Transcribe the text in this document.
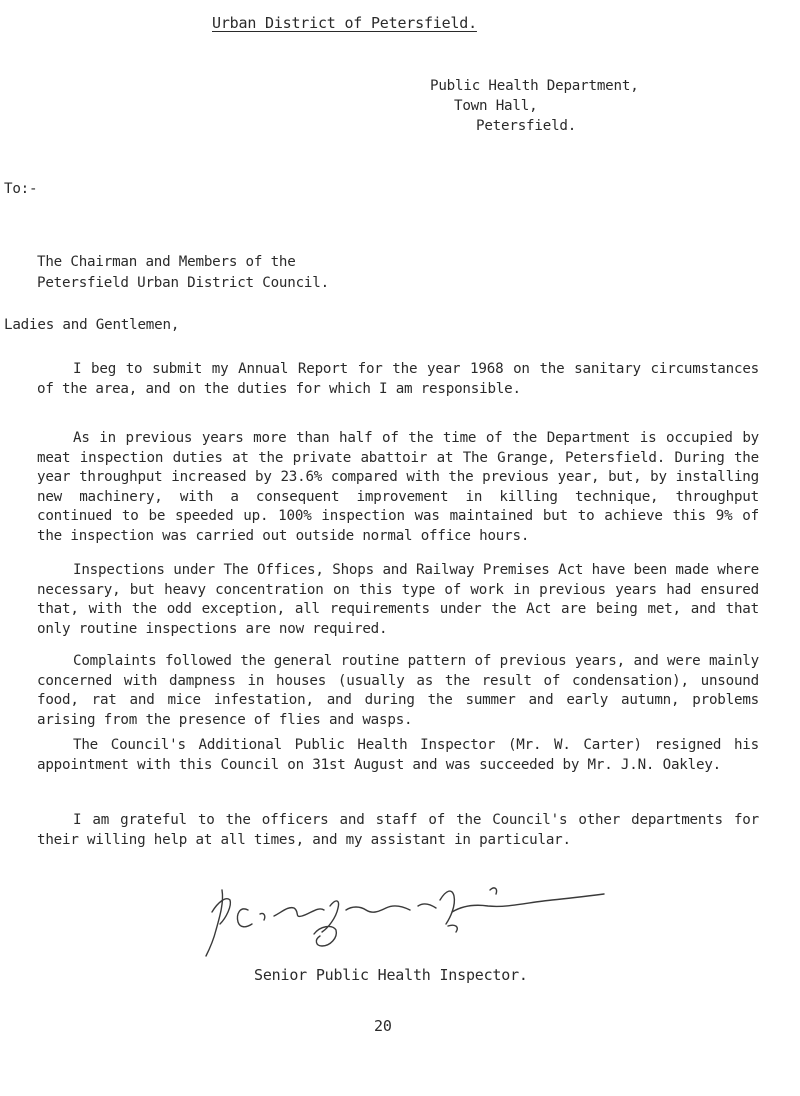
Urban District of Petersfield.
Public Health Department,
Town Hall,
Petersfield.
To:-
The Chairman and Members of the
Petersfield Urban District Council.
Ladies and Gentlemen,

I beg to submit my Annual Report for the year 1968 on the sanitary circumstances of the area, and on the duties for which I am responsible.

As in previous years more than half of the time of the Department is occupied by meat inspection duties at the private abattoir at The Grange, Petersfield. During the year throughput increased by 23.6% compared with the previous year, but, by installing new machinery, with a consequent improvement in killing technique, throughput continued to be speeded up. 100% inspection was maintained but to achieve this 9% of the inspection was carried out outside normal office hours.

Inspections under The Offices, Shops and Railway Premises Act have been made where necessary, but heavy concentration on this type of work in previous years had ensured that, with the odd exception, all requirements under the Act are being met, and that only routine inspections are now required.

Complaints followed the general routine pattern of previous years, and were mainly concerned with dampness in houses (usually as the result of condensation), unsound food, rat and mice infestation, and during the summer and early autumn, problems arising from the presence of flies and wasps.

The Council's Additional Public Health Inspector (Mr. W. Carter) resigned his appointment with this Council on 31st August and was succeeded by Mr. J.N. Oakley.

I am grateful to the officers and staff of the Council's other departments for their willing help at all times, and my assistant in particular.

Senior Public Health Inspector.
20
